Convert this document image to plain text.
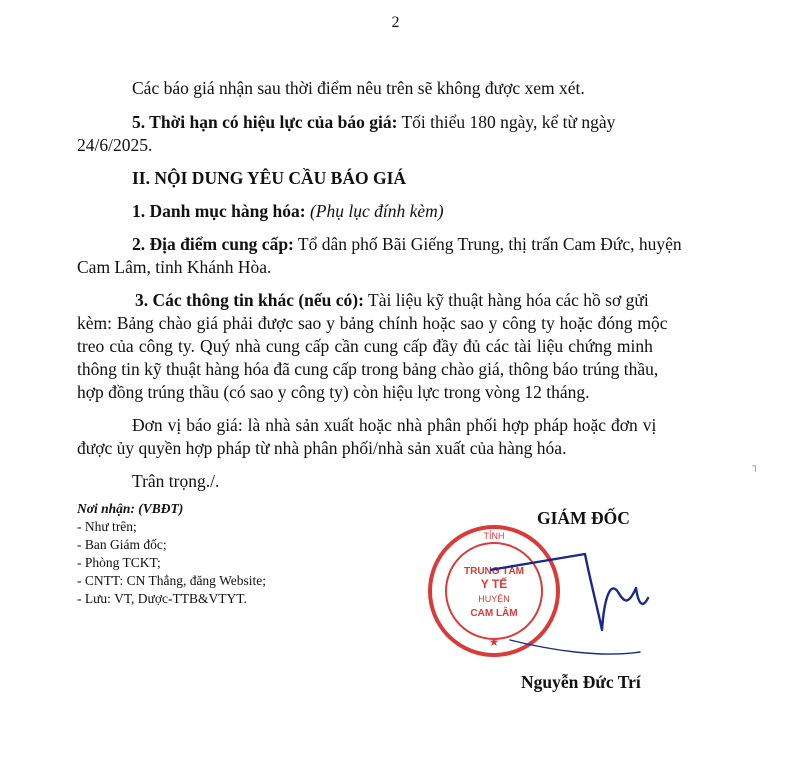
2
Các báo giá nhận sau thời điểm nêu trên sẽ không được xem xét.
5. Thời hạn có hiệu lực của báo giá: Tối thiểu 180 ngày, kể từ ngày
24/6/2025.
II. NỘI DUNG YÊU CẦU BÁO GIÁ
1. Danh mục hàng hóa: (Phụ lục đính kèm)
2. Địa điểm cung cấp: Tổ dân phố Bãi Giếng Trung, thị trấn Cam Đức, huyện
Cam Lâm, tỉnh Khánh Hòa.
3. Các thông tin khác (nếu có): Tài liệu kỹ thuật hàng hóa các hồ sơ gửi
kèm: Bảng chào giá phải được sao y bảng chính hoặc sao y công ty hoặc đóng mộc
treo của công ty. Quý nhà cung cấp cần cung cấp đầy đủ các tài liệu chứng minh
thông tin kỹ thuật hàng hóa đã cung cấp trong bảng chào giá, thông báo trúng thầu,
hợp đồng trúng thầu (có sao y công ty) còn hiệu lực trong vòng 12 tháng.
Đơn vị báo giá: là nhà sản xuất hoặc nhà phân phối hợp pháp hoặc đơn vị
được ủy quyền hợp pháp từ nhà phân phối/nhà sản xuất của hàng hóa.
Trân trọng./.
┐
Nơi nhận: (VBĐT)
- Như trên;
- Ban Giám đốc;
- Phòng TCKT;
- CNTT: CN Thắng, đăng Website;
- Lưu: VT, Dược-TTB&VTYT.
GIÁM ĐỐC
TỈNH
TRUNG TÂM
Y TẾ
HUYỆN
CAM LÂM
★
Nguyễn Đức Trí
